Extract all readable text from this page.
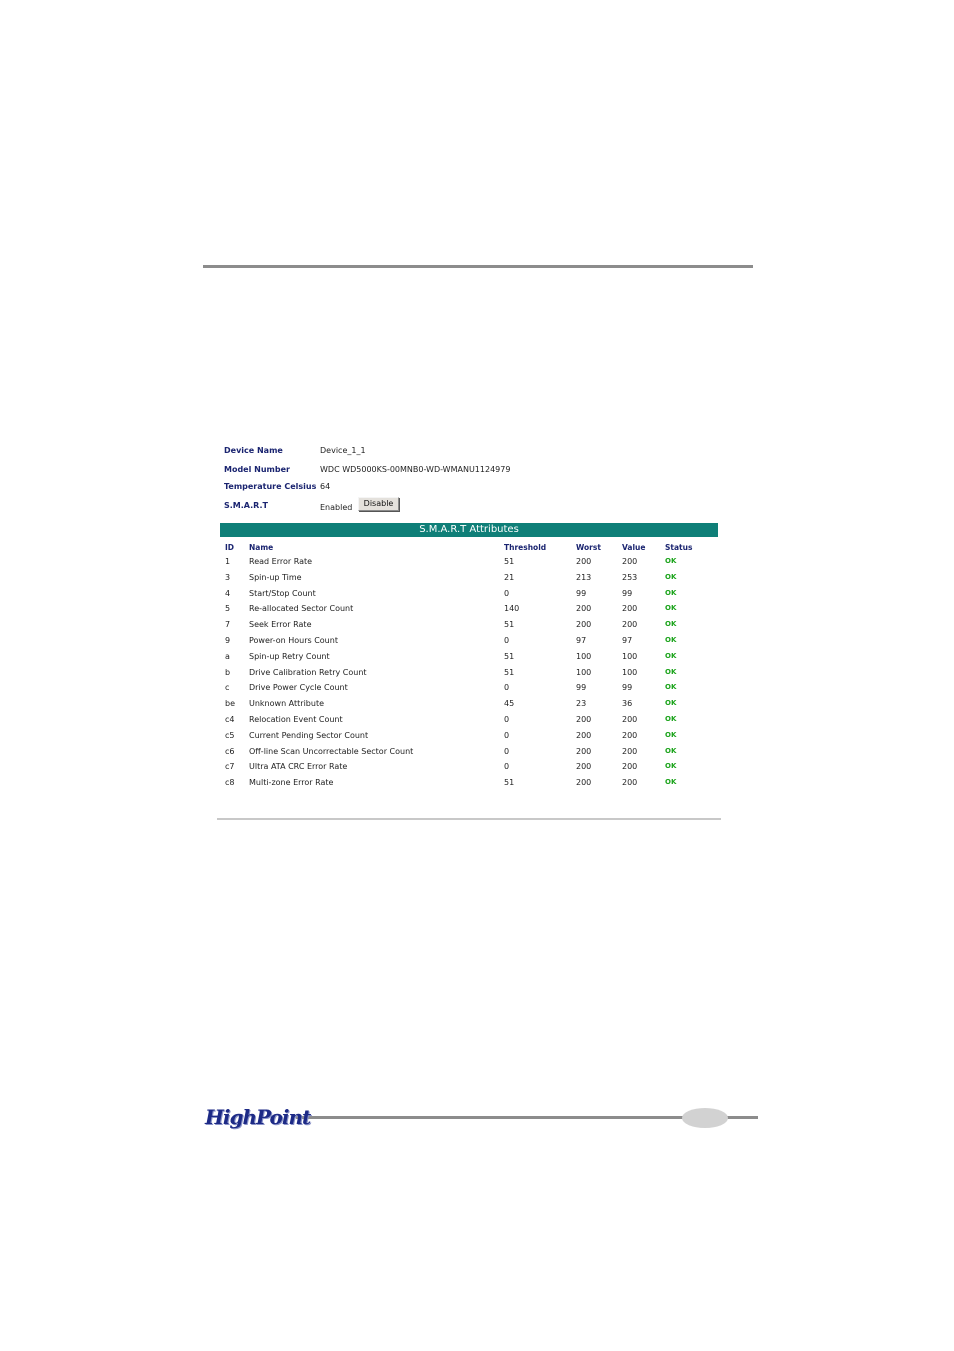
Device Name	Device_1_1
Model Number	WDC WD5000KS-00MNB0-WD-WMANU1124979
Temperature Celsius 64
S.M.A.R.T	Enabled	Disable
S.M.A.R.T Attributes
ID Name	Threshold	Worst	Value	Status
1 Read Error Rate	51	200	200	OK
3 Spin-up Time	21	213	253	OK
4 Start/Stop Count	0	99	99	OK
5 Re-allocated Sector Count	140	200	200	OK
7 Seek Error Rate	51	200	200	OK
9 Power-on Hours Count	0	97	97	OK
a Spin-up Retry Count	51	100	100	OK
b Drive Calibration Retry Count	51	100	100	OK
c Drive Power Cycle Count	0	99	99	OK
be Unknown Attribute	45	23	36	OK
c4 Relocation Event Count	0	200	200	OK
c5 Current Pending Sector Count	0	200	200	OK
c6 Off-line Scan Uncorrectable Sector Count	0	200	200	OK
c7 Ultra ATA CRC Error Rate	0	200	200	OK
c8 Multi-zone Error Rate	51	200	200	OK
HighPoint
